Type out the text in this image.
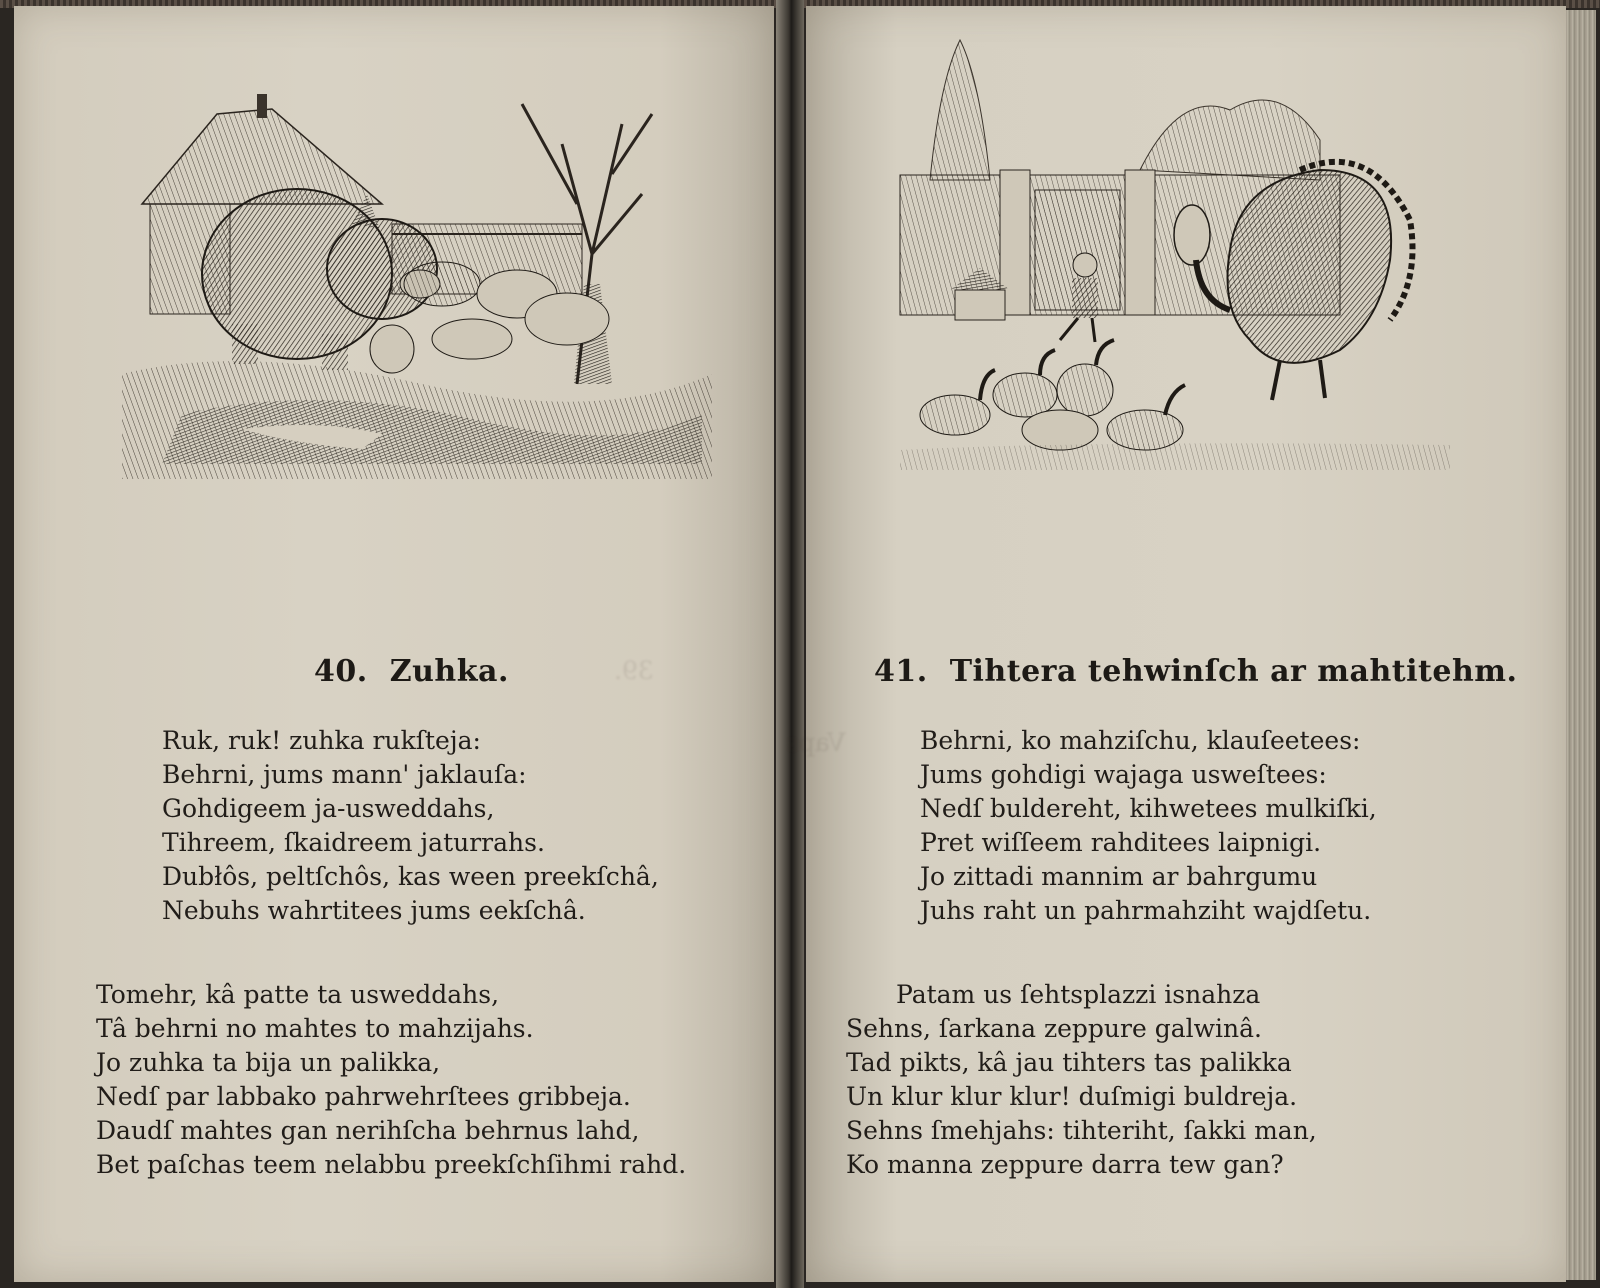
39.
40. Zuhka.
Ruk, ruk! zuhka rukſteja:
Behrni, jums mann' jaklauſa:
Gohdigeem ja-usweddahs,
Tihreem, ſkaidreem jaturrahs.
Dubłôs, peltſchôs, kas ween preekſchâ,
Nebuhs wahrtitees jums eekſchâ.
Tomehr, kâ patte ta usweddahs,
Tâ behrni no mahtes to mahzijahs.
Jo zuhka ta bija un palikka,
Nedſ par labbako pahrwehrſtees gribbeja.
Daudſ mahtes gan nerihſcha behrnus lahd,
Bet paſchas teem nelabbu preekſchſihmi rahd.
Vaps
41. Tihtera tehwinſch ar mahtitehm.
Behrni, ko mahziſchu, klauſeetees:
Jums gohdigi wajaga usweſtees:
Nedſ buldereht, kihwetees mulkiſki,
Pret wiſſeem rahditees laipnigi.
Jo zittadi mannim ar bahrgumu
Juhs raht un pahrmahziht wajdſetu.
Patam us ſehtsplazzi isnahza
Sehns, ſarkana zeppure galwinâ.
Tad pikts, kâ jau tihters tas palikka
Un klur klur klur! duſmigi buldreja.
Sehns ſmehjahs: tihteriht, ſakki man,
Ko manna zeppure darra tew gan?
